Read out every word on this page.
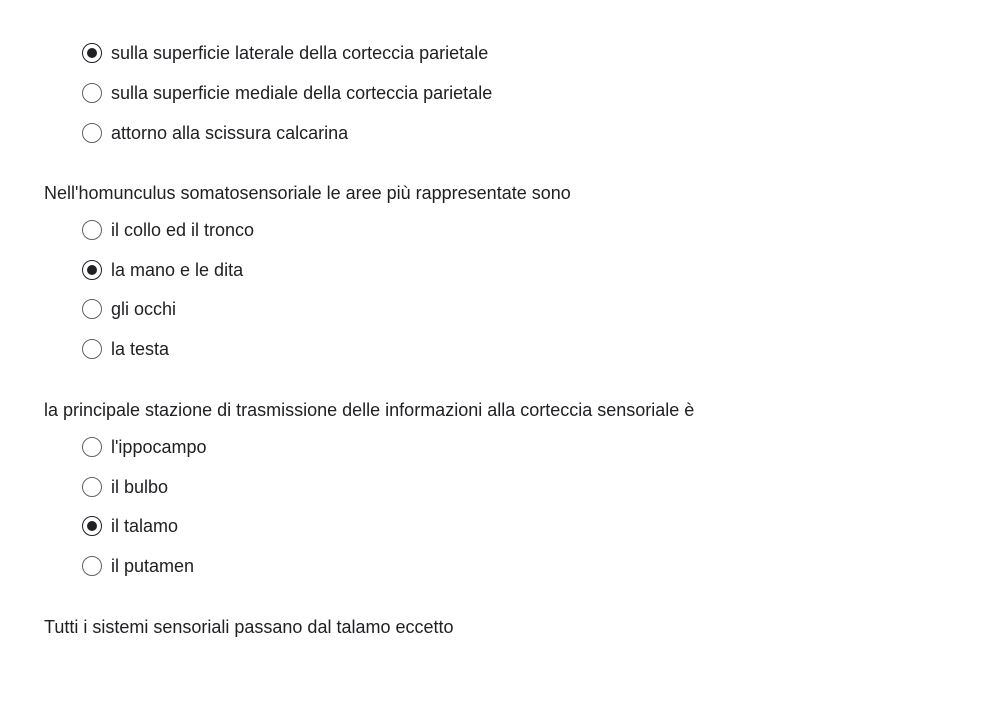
sulla superficie laterale della corteccia parietale
sulla superficie mediale della corteccia parietale
attorno alla scissura calcarina
Nell'homunculus somatosensoriale le aree più rappresentate sono
il collo ed il tronco
la mano e le dita
gli occhi
la testa
la principale stazione di trasmissione delle informazioni alla corteccia sensoriale è
l'ippocampo
il bulbo
il talamo
il putamen
Tutti i sistemi sensoriali passano dal talamo eccetto
